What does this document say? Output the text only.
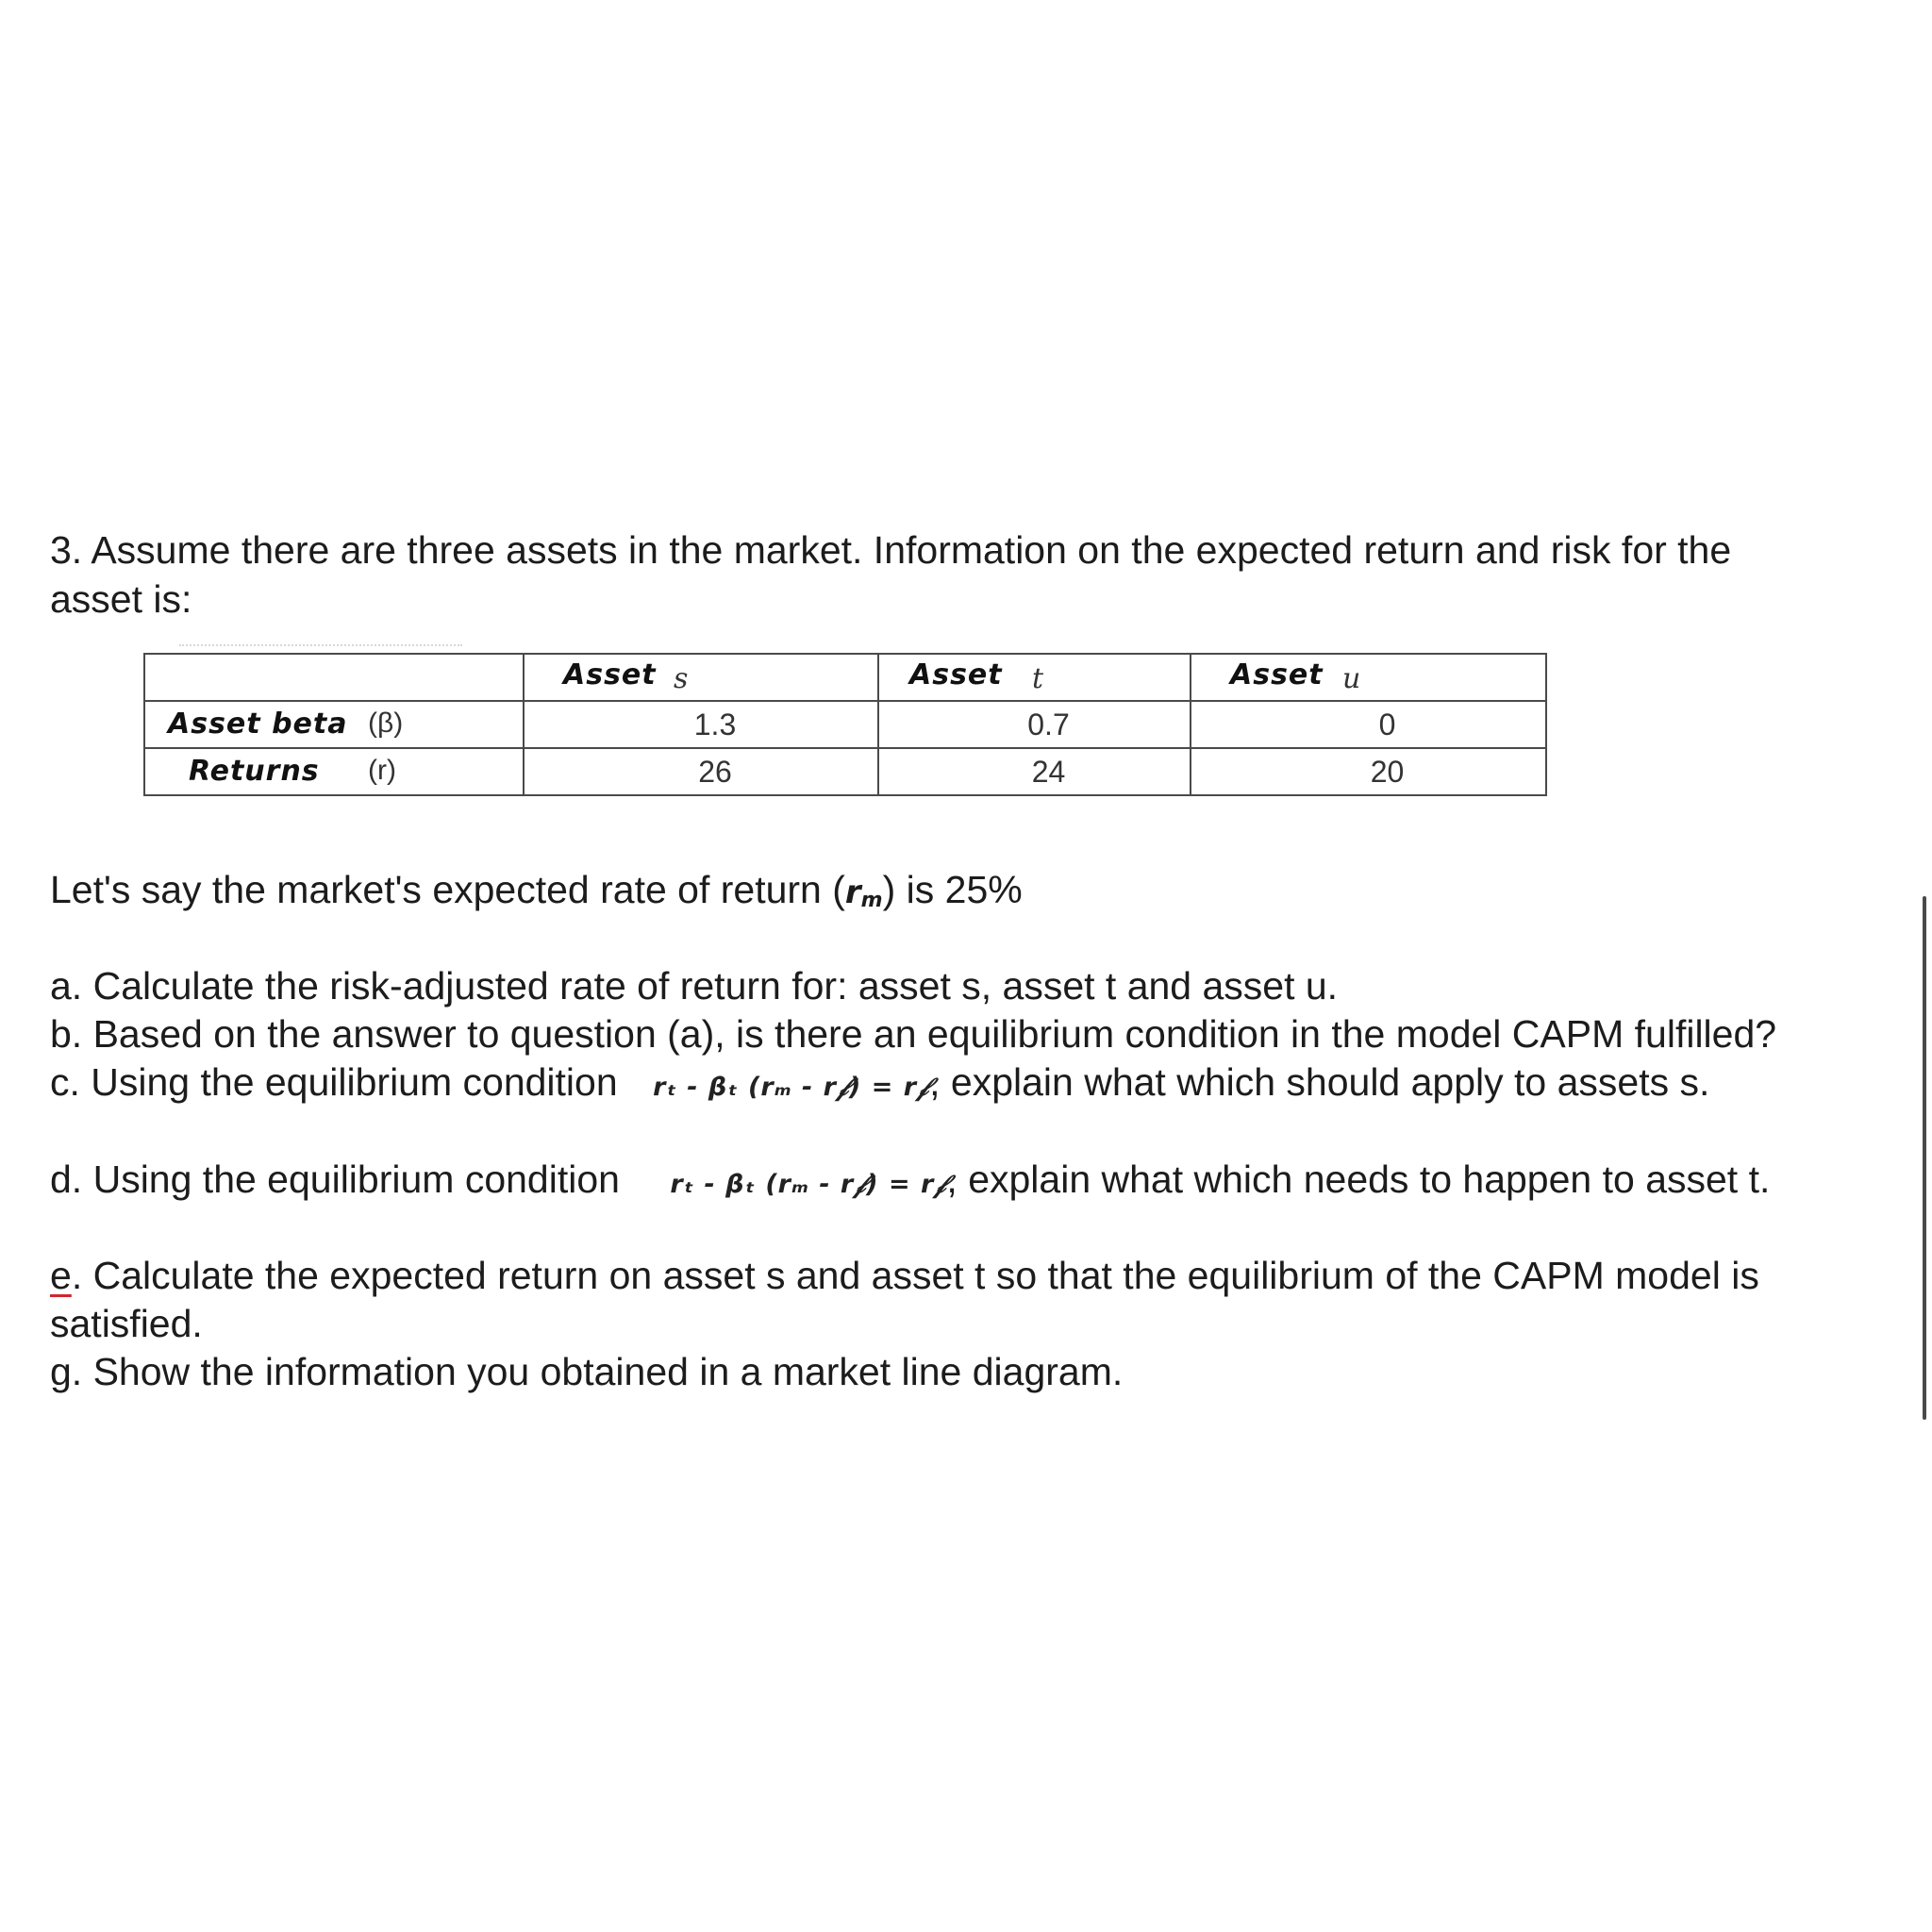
3. Assume there are three assets in the market. Information on the expected return and risk for the
asset is:

	Asset s	Asset t	Asset u

Asset beta (β)	1.3	0.7	0

Returns (r)	26	24	20
Let's say the market's expected rate of return (rm) is 25%
a. Calculate the risk-adjusted rate of return for: asset s, asset t and asset u.
b. Based on the answer to question (a), is there an equilibrium condition in the model CAPM fulfilled?
c. Using the equilibrium condition rₜ - βₜ (rₘ - r𝒻) = r𝒻, explain what which should apply to assets s.
d. Using the equilibrium condition rₜ - βₜ (rₘ - r𝒻) = r𝒻, explain what which needs to happen to asset t.
e. Calculate the expected return on asset s and asset t so that the equilibrium of the CAPM model is
satisfied.
g. Show the information you obtained in a market line diagram.
